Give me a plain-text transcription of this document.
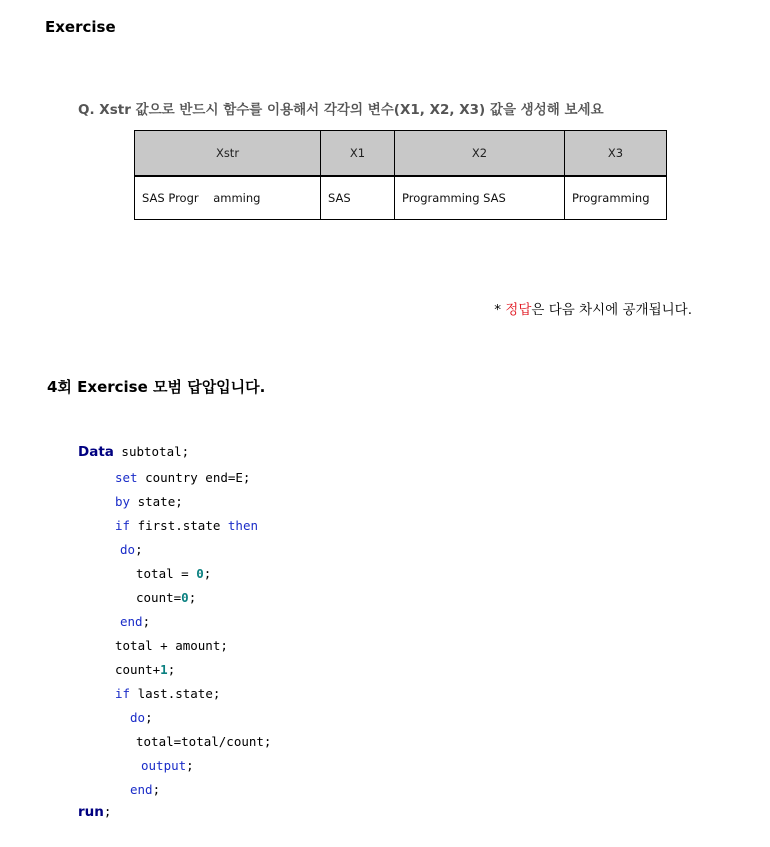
Exercise
Q. Xstr 값으로 반드시 함수를 이용해서 각각의 변수(X1, X2, X3) 값을 생성해 보세요
Xstr	X1	X2	X3
SAS Progr    amming	SAS	Programming SAS	Programming
* 정답은 다음 차시에 공개됩니다.
4회 Exercise 모범 답압입니다.
Data subtotal;
set country end=E;
by state;
if first.state then
do;
total = 0;
count=0;
end;
total + amount;
count+1;
if last.state;
do;
total=total/count;
output;
end;
run;
